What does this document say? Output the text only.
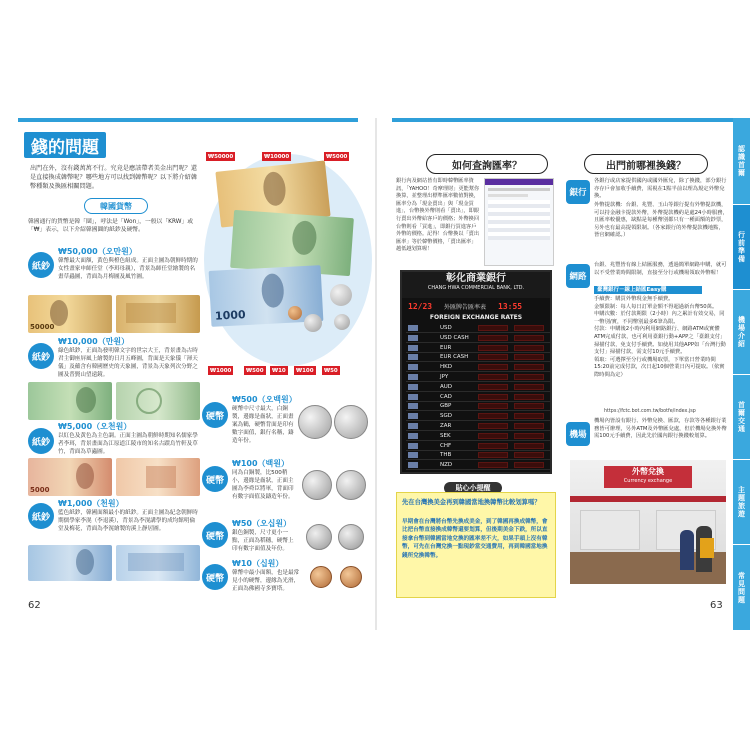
錢的問題
出門在外，沒有錢萬萬不行。究竟是應該帶者美金出門呢？還是直接換成韓幣呢？哪些地方可以找到韓幣呢？以下將介紹韓幣種類及換匯相關問題。
韓國貨幣
韓國通行的貨幣是韓「圜」，呼法是「Won」，一般以「KRW」或「₩」表示，以下介紹韓國圜的紙鈔及硬幣。
紙鈔
₩50,000（오만원）
韓幣最大面額，黃色與橙色組成。正面主圖為朝鮮時期的女性畫家申師任堂（李珥母親），背景為師任堂繪製的名畫草蟲圖，背面為月梅圖及風竹圖。
50000
紙鈔
₩10,000（만원）
綠色紙鈔，正面為發明韓文字的世宗大王，背景畫為古時君主御座屏風上繪製的日月五峰圖，背面是天象儀「渾天儀」及蘊含有韓國歷史的天象圖，背景為天象列次分野之圖及普賢山望遠鏡。
紙鈔
₩5,000（오천원）
以紅色及黃色為主色調。正面主圖為朝鮮時期知名儒家學者李珥，背景畫面為江原道江陵市的知名古蹟烏竹軒及草竹，背面為草蟲圖。
5000
紙鈔
₩1,000（천원）
藍色紙鈔，韓國面額最小的紙鈔。正面主圖為紀念朝鮮時期儒學家李滉（李退溪），背景為李滉講學的成均館明倫堂及梅花，背面為李滉繪製的溪上靜居圖。
1000
₩50000	₩10000	₩5000
₩1000	₩500	₩10	₩100	₩50
硬幣
₩500（오백원）
硬幣中尺寸最大，白銅製，邊緣是齒狀，正面畫案為鶴，硬幣背面是印有數字面值，銀行名稱，鑄造年份。
硬幣
₩100（백원）
同為白銅製，比500稍小，邊緣是齒狀，正面主圖為李舜臣將軍，背面印有數字面值及鑄造年份。
硬幣
₩50（오십원）
銀色銅製，尺寸更小一點，正面為稻穗，硬幣上印有數字面值及年份。
硬幣
₩10（십원）
韓幣中最小面額，也是最常見小的硬幣，邊緣為光滑，正面為佛國寺多寶塔。
62
如何查詢匯率？
銀行內及網站皆有即時韓幣匯率資訊，「YAHOO！奇摩理財」更能幫你換算，並整理出標準匯率數值對換，匯率分為「現金賣出」與「現金買進」，台幣換外幣則看「賣出」，即銀行賣出外幣給客戶的價格；外幣換回台幣則看「買進」，即銀行買進客戶外幣的價格。記得！台幣換以「賣出匯率」等於韓幣價格，「賣出匯率」越低越划算喔！
彰化商業銀行
CHANG HWA COMMERCIAL BANK, LTD.
12/23	13:55
外匯牌告匯率表
FOREIGN EXCHANGE RATES
USD
USD CASH
EUR
EUR CASH
HKD
JPY
AUD
CAD
GBP
SGD
ZAR
SEK
CHF
THB
NZD
貼心小提醒
先在台灣換美金再到韓國當地換韓幣比較划算嗎？
早期會在台灣將台幣先換成美金，到了韓國再換成韓幣，會比把台幣直接換成韓幣還要划算，但後期美金下跌，所以直接拿台幣到韓國當地兌換的匯率差不大，如果手頭上沒有韓幣，可先在台灣兌換一點現鈔當交通費用，再到韓國當地換錢所兌換韓幣。
出門前哪裡換錢？
銀行
各銀行或店家提供國內或國外匯兌，除了換錢，部分銀行亦存戶會加收手續費，需視在1點半前以理為規定外幣兌換。
外幣提款機：台銀、兆豐、玉山等銀行提有外幣提款機，可以持金融卡提款外幣，外幣提款機約是處24小時服務，且匯率較優惠，缺點是每種幣別都只有一種面額的鈔票，另外也有最高提領限制。（各家銀行的外幣提款機地點，皆官網確認。）
網路
台銀、兆豐皆有線上結匯服務，透過簡單網路申購，就可以不受營業時間限制，直接至分行或機場領取外幣喔！
臺灣銀行－線上結匯Easy購
手續費：購買外幣現金無手續費。
金額限制：每人每日訂單金額不得超過新台幣50萬。
申購次數：於付款期限（2小時）內之累計有效交易，同一幣別/實，不同幣別最多6筆為限。
付款：申購後2小時內利用網路銀行、網路ATM或實體ATM完成付款，也可利用臺銀行動+APP之「臺銀支付」掃描付款，免支付手續費。如使用其他APP如「台灣行動支付」掃描付款，需支付10元手續費。
領取：可選擇至分行或機場取票，下單當日營業時間15:20前完成付款，次日起10個營業日內可提取。（依實際時間為定）
https://fctc.bot.com.tw/botfe/index.jsp
機場
機場內皆設有銀行、外幣兌換、匯款，存款等各種銀行業務皆可辦理，另外ATM及外幣匯兌處，但於機場兌換外幣需100元手續費，因此先於國內銀行換錢較划算。
外幣兌換
Currency exchange
63
認識首爾
行前準備
機場介紹
首爾交通
主題旅遊
常見問題
